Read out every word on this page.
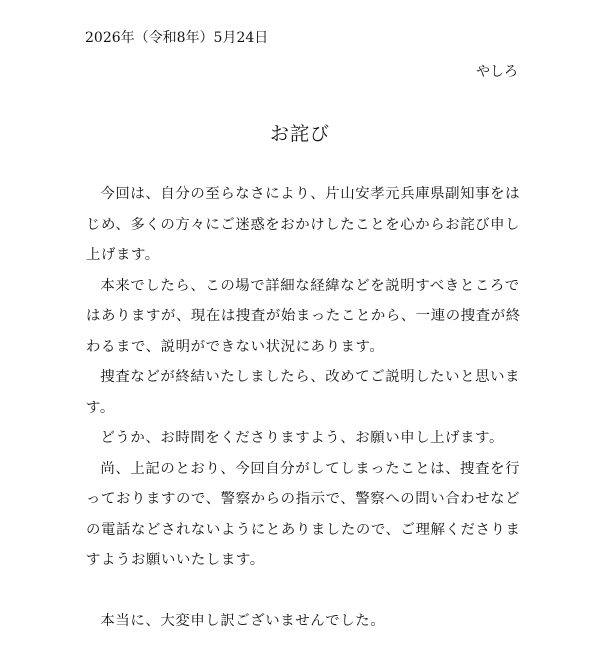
2026年（令和8年）5月24日
やしろ
お詫び

今回は、自分の至らなさにより、片山安孝元兵庫県副知事をはじめ、多くの方々にご迷惑をおかけしたことを心からお詫び申し上げます。

本来でしたら、この場で詳細な経緯などを説明すべきところではありますが、現在は捜査が始まったことから、一連の捜査が終わるまで、説明ができない状況にあります。

捜査などが終結いたしましたら、改めてご説明したいと思います。

どうか、お時間をくださりますよう、お願い申し上げます。

尚、上記のとおり、今回自分がしてしまったことは、捜査を行っておりますので、警察からの指示で、警察への問い合わせなどの電話などされないようにとありましたので、ご理解くださりますようお願いいたします。

本当に、大変申し訳ございませんでした。
